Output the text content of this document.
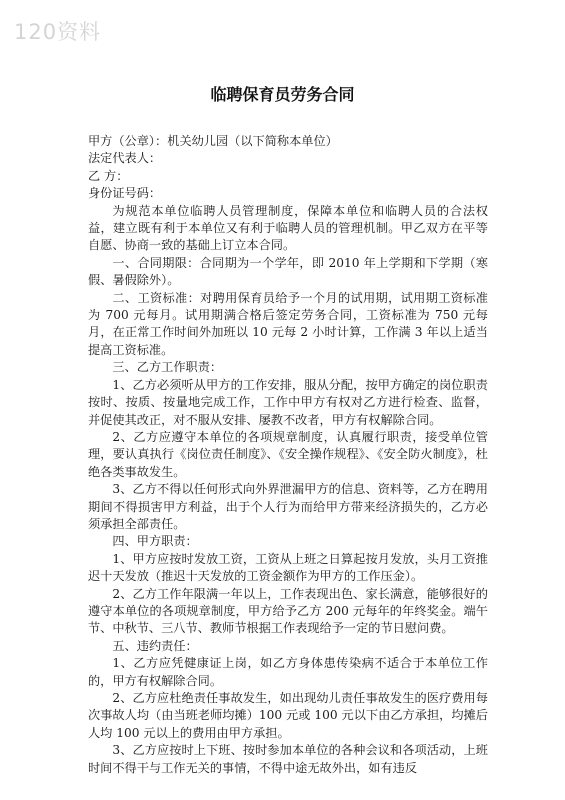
120资料
临聘保育员劳务合同

甲方（公章）：机关幼儿园（以下简称本单位）

法定代表人：

乙 方：

身份证号码：

为规范本单位临聘人员管理制度，保障本单位和临聘人员的合法权益，建立既有利于本单位又有利于临聘人员的管理机制。甲乙双方在平等自愿、协商一致的基础上订立本合同。

一、合同期限：合同期为一个学年，即 2010 年上学期和下学期（寒假、暑假除外）。

二、工资标准：对聘用保育员给予一个月的试用期，试用期工资标准为 700 元每月。试用期满合格后签定劳务合同，工资标准为 750 元每月，在正常工作时间外加班以 10 元每 2 小时计算，工作满 3 年以上适当提高工资标准。

三、乙方工作职责：

1、乙方必须听从甲方的工作安排，服从分配，按甲方确定的岗位职责按时、按质、按量地完成工作，工作中甲方有权对乙方进行检查、监督，并促使其改正，对不服从安排、屡教不改者，甲方有权解除合同。

2、乙方应遵守本单位的各项规章制度，认真履行职责，接受单位管理，要认真执行《岗位责任制度》、《安全操作规程》、《安全防火制度》，杜绝各类事故发生。

3、乙方不得以任何形式向外界泄漏甲方的信息、资料等，乙方在聘用期间不得损害甲方利益，出于个人行为而给甲方带来经济损失的，乙方必须承担全部责任。

四、甲方职责：

1、甲方应按时发放工资，工资从上班之日算起按月发放，头月工资推迟十天发放（推迟十天发放的工资金额作为甲方的工作压金）。

2、乙方工作年限满一年以上，工作表现出色、家长满意，能够很好的遵守本单位的各项规章制度，甲方给予乙方 200 元每年的年终奖金。端午节、中秋节、三八节、教师节根据工作表现给予一定的节日慰问费。

五、违约责任：

1、乙方应凭健康证上岗，如乙方身体患传染病不适合于本单位工作的，甲方有权解除合同。

2、乙方应杜绝责任事故发生，如出现幼儿责任事故发生的医疗费用每次事故人均（由当班老师均摊）100 元或 100 元以下由乙方承担，均摊后人均 100 元以上的费用由甲方承担。

3、乙方应按时上下班、按时参加本单位的各种会议和各项活动，上班时间不得干与工作无关的事情，不得中途无故外出，如有违反
